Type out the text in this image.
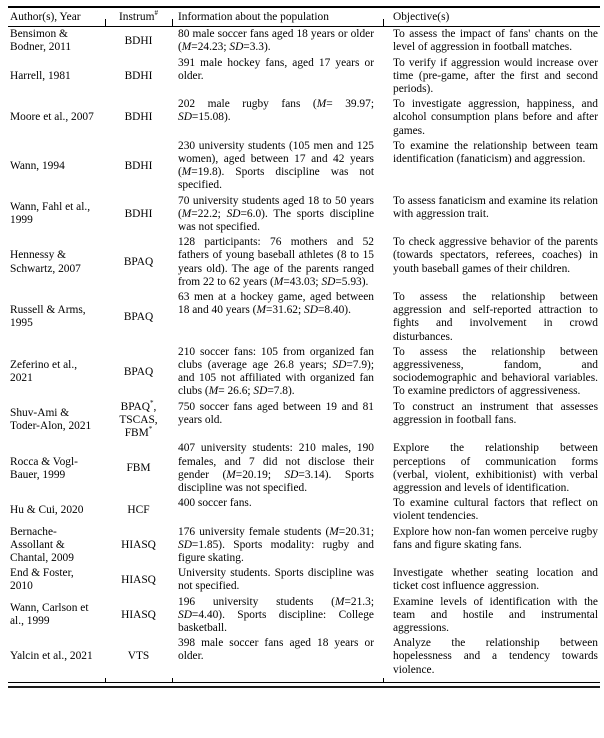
Author(s), Year	Instrum#	Information about the population	Objective(s)
Bensimon & Bodner, 2011	BDHI	80 male soccer fans aged 18 years or older (M=24.23; SD=3.3).	To assess the impact of fans' chants on the level of aggression in football matches.
Harrell, 1981	BDHI	391 male hockey fans, aged 17 years or older.	To verify if aggression would increase over time (pre-game, after the first and second periods).
Moore et al., 2007	BDHI	202 male rugby fans (M= 39.97; SD=15.08).	To investigate aggression, happiness, and alcohol consumption plans before and after games.
Wann, 1994	BDHI	230 university students (105 men and 125 women), aged between 17 and 42 years (M=19.8). Sports discipline was not specified.	To examine the relationship between team identification (fanaticism) and aggression.
Wann, Fahl et al., 1999	BDHI	70 university students aged 18 to 50 years (M=22.2; SD=6.0). The sports discipline was not specified.	To assess fanaticism and examine its relation with aggression trait.
Hennessy & Schwartz, 2007	BPAQ	128 participants: 76 mothers and 52 fathers of young baseball athletes (8 to 15 years old). The age of the parents ranged from 22 to 62 years (M=43.03; SD=5.93).	To check aggressive behavior of the parents (towards spectators, referees, coaches) in youth baseball games of their children.
Russell & Arms, 1995	BPAQ	63 men at a hockey game, aged between 18 and 40 years (M=31.62; SD=8.40).	To assess the relationship between aggression and self-reported attraction to fights and involvement in crowd disturbances.
Zeferino et al., 2021	BPAQ	210 soccer fans: 105 from organized fan clubs (average age 26.8 years; SD=7.9); and 105 not affiliated with organized fan clubs (M= 26.6; SD=7.8).	To assess the relationship between aggressiveness, fandom, and sociodemographic and behavioral variables. To examine predictors of aggressiveness.
Shuv-Ami & Toder-Alon, 2021	BPAQ*, TSCAS, FBM*	750 soccer fans aged between 19 and 81 years old.	To construct an instrument that assesses aggression in football fans.
Rocca & Vogl-Bauer, 1999	FBM	407 university students: 210 males, 190 females, and 7 did not disclose their gender (M=20.19; SD=3.14). Sports discipline was not specified.	Explore the relationship between perceptions of communication forms (verbal, violent, exhibitionist) with verbal aggression and levels of identification.
Hu & Cui, 2020	HCF	400 soccer fans.	To examine cultural factors that reflect on violent tendencies.
Bernache-Assollant & Chantal, 2009	HIASQ	176 university female students (M=20.31; SD=1.85). Sports modality: rugby and figure skating.	Explore how non-fan women perceive rugby fans and figure skating fans.
End & Foster, 2010	HIASQ	University students. Sports discipline was not specified.	Investigate whether seating location and ticket cost influence aggression.
Wann, Carlson et al., 1999	HIASQ	196 university students (M=21.3; SD=4.40). Sports discipline: College basketball.	Examine levels of identification with the team and hostile and instrumental aggressions.
Yalcin et al., 2021	VTS	398 male soccer fans aged 18 years or older.	Analyze the relationship between hopelessness and a tendency towards violence.
